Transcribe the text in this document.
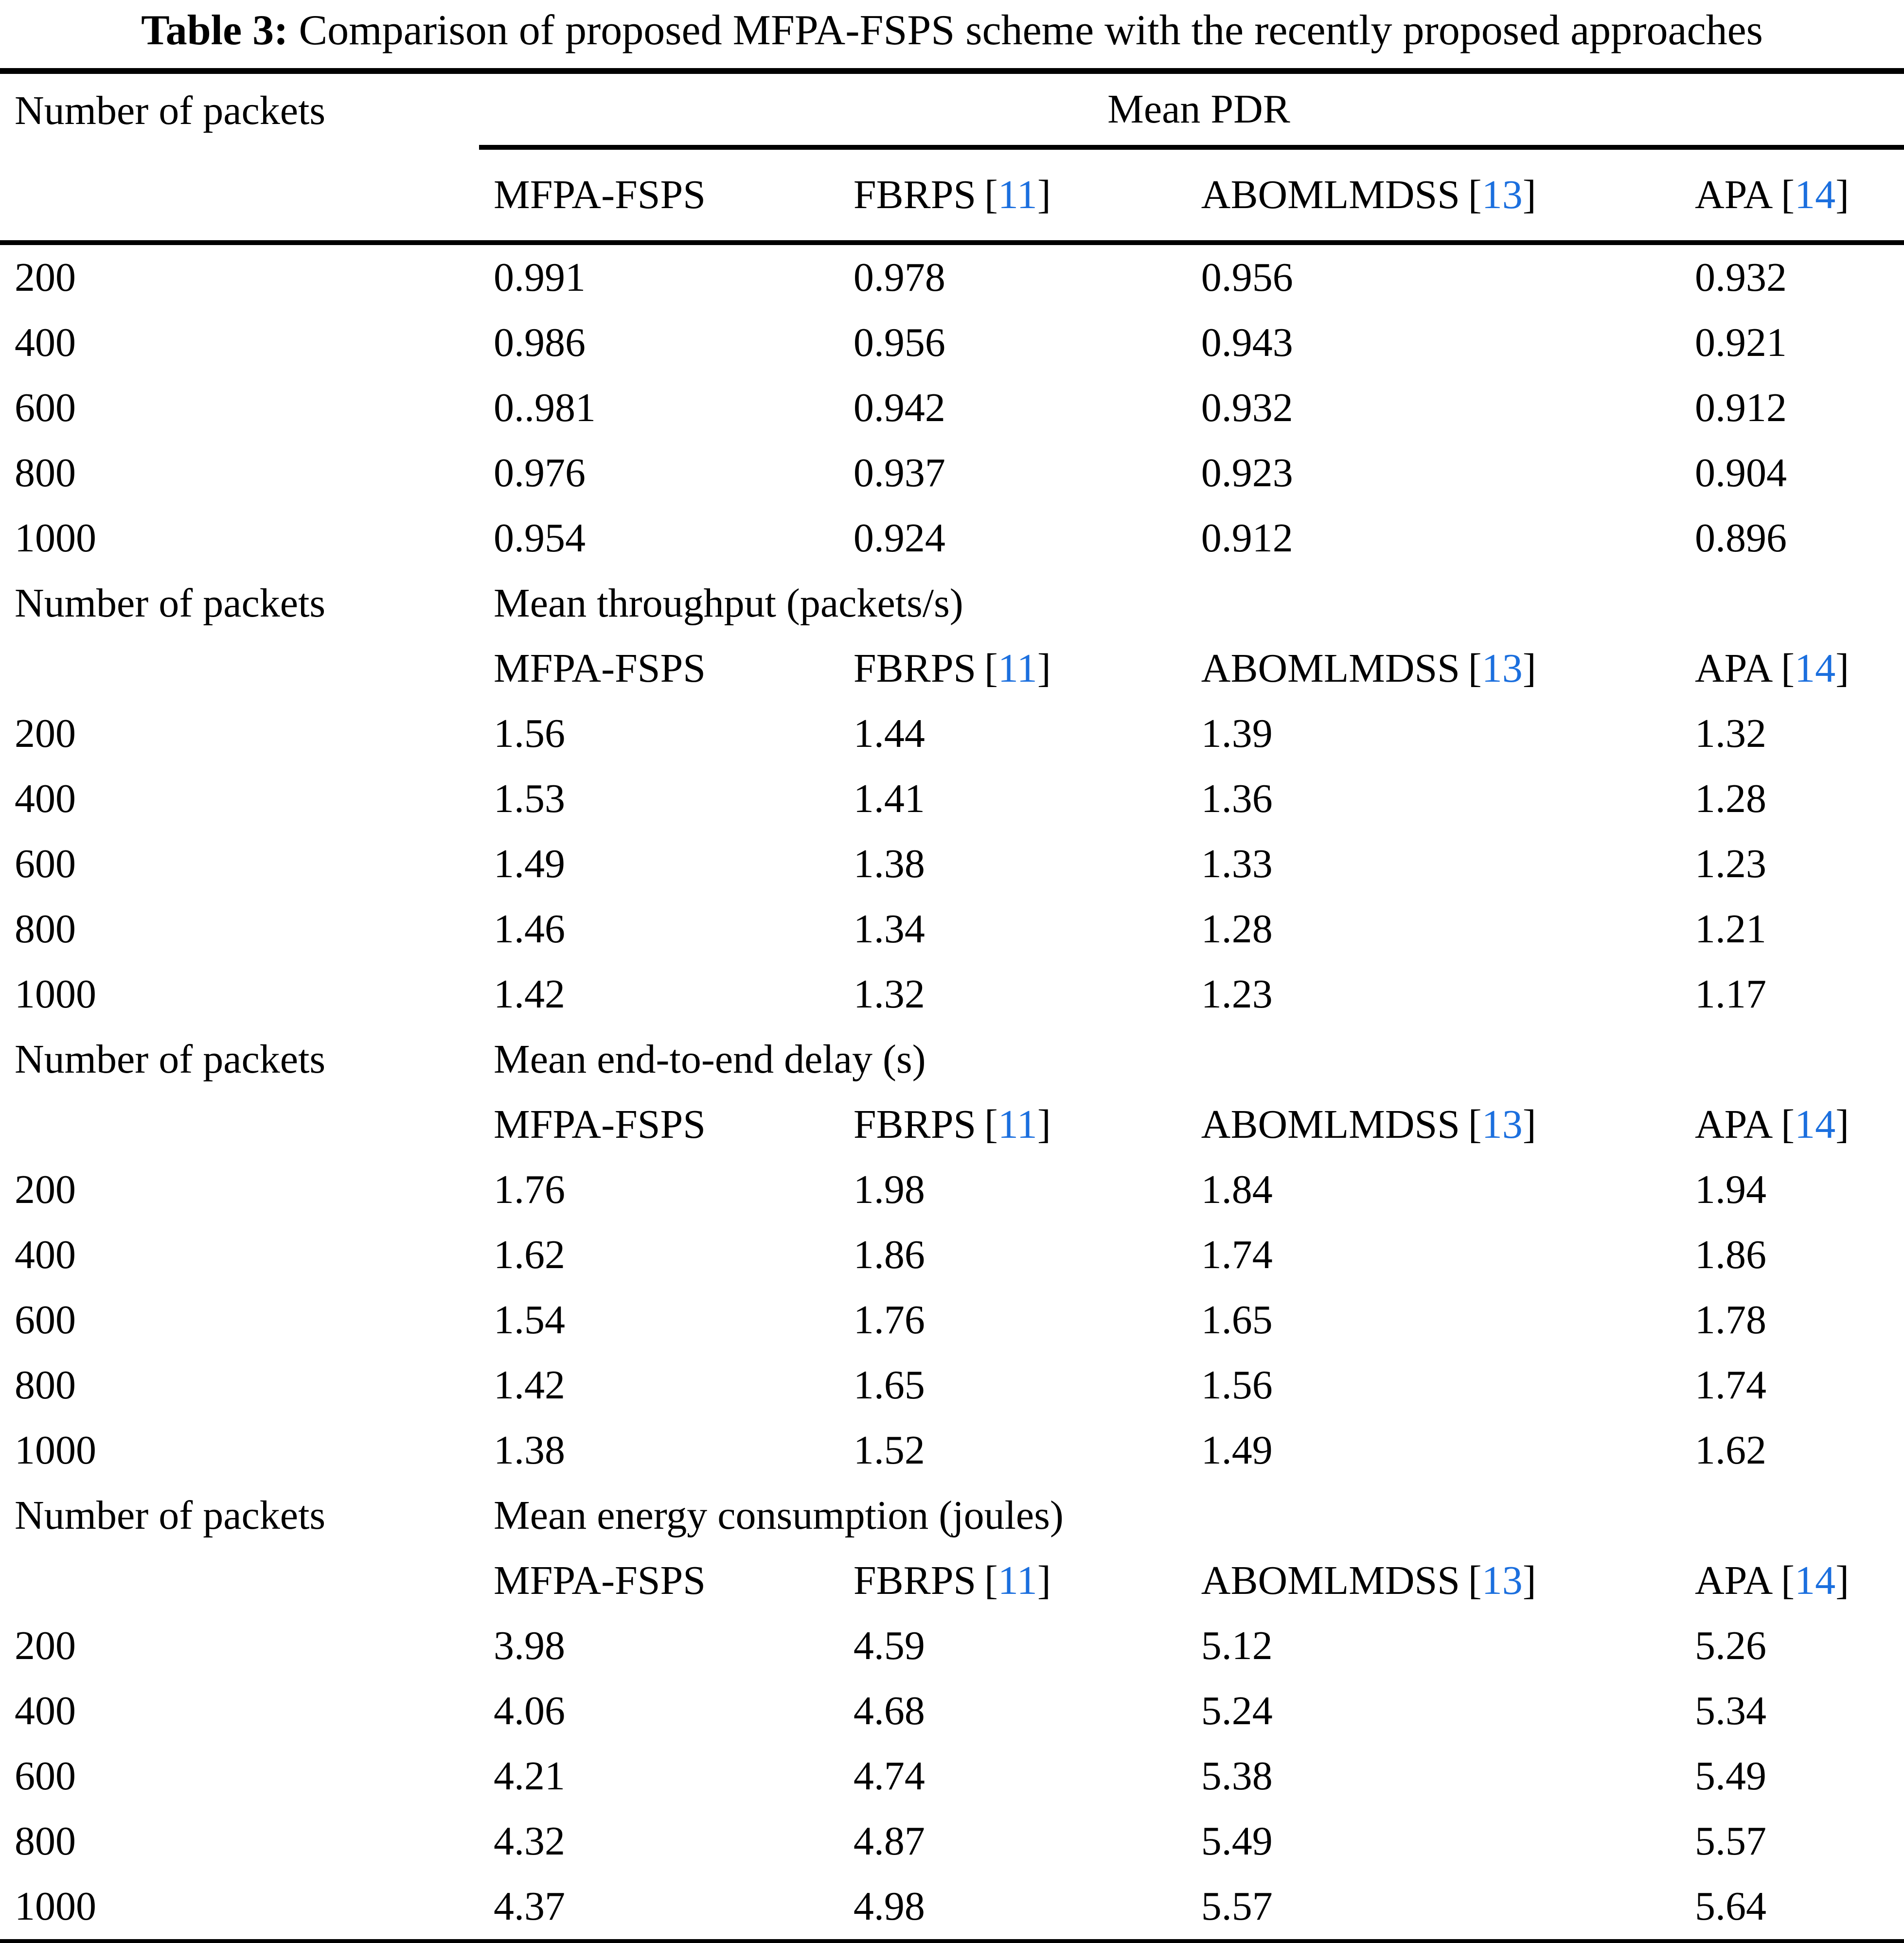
Table 3: Comparison of proposed MFPA-FSPS scheme with the recently proposed approaches
Number of packets	Mean PDR			
	MFPA-FSPS	FBRPS [11]	ABOMLMDSS [13]	APA [14]
200	0.991	0.978	0.956	0.932
400	0.986	0.956	0.943	0.921
600	0..981	0.942	0.932	0.912
800	0.976	0.937	0.923	0.904
1000	0.954	0.924	0.912	0.896
Number of packets	Mean throughput (packets/s)			
	MFPA-FSPS	FBRPS [11]	ABOMLMDSS [13]	APA [14]
200	1.56	1.44	1.39	1.32
400	1.53	1.41	1.36	1.28
600	1.49	1.38	1.33	1.23
800	1.46	1.34	1.28	1.21
1000	1.42	1.32	1.23	1.17
Number of packets	Mean end-to-end delay (s)			
	MFPA-FSPS	FBRPS [11]	ABOMLMDSS [13]	APA [14]
200	1.76	1.98	1.84	1.94
400	1.62	1.86	1.74	1.86
600	1.54	1.76	1.65	1.78
800	1.42	1.65	1.56	1.74
1000	1.38	1.52	1.49	1.62
Number of packets	Mean energy consumption (joules)			
	MFPA-FSPS	FBRPS [11]	ABOMLMDSS [13]	APA [14]
200	3.98	4.59	5.12	5.26
400	4.06	4.68	5.24	5.34
600	4.21	4.74	5.38	5.49
800	4.32	4.87	5.49	5.57
1000	4.37	4.98	5.57	5.64
